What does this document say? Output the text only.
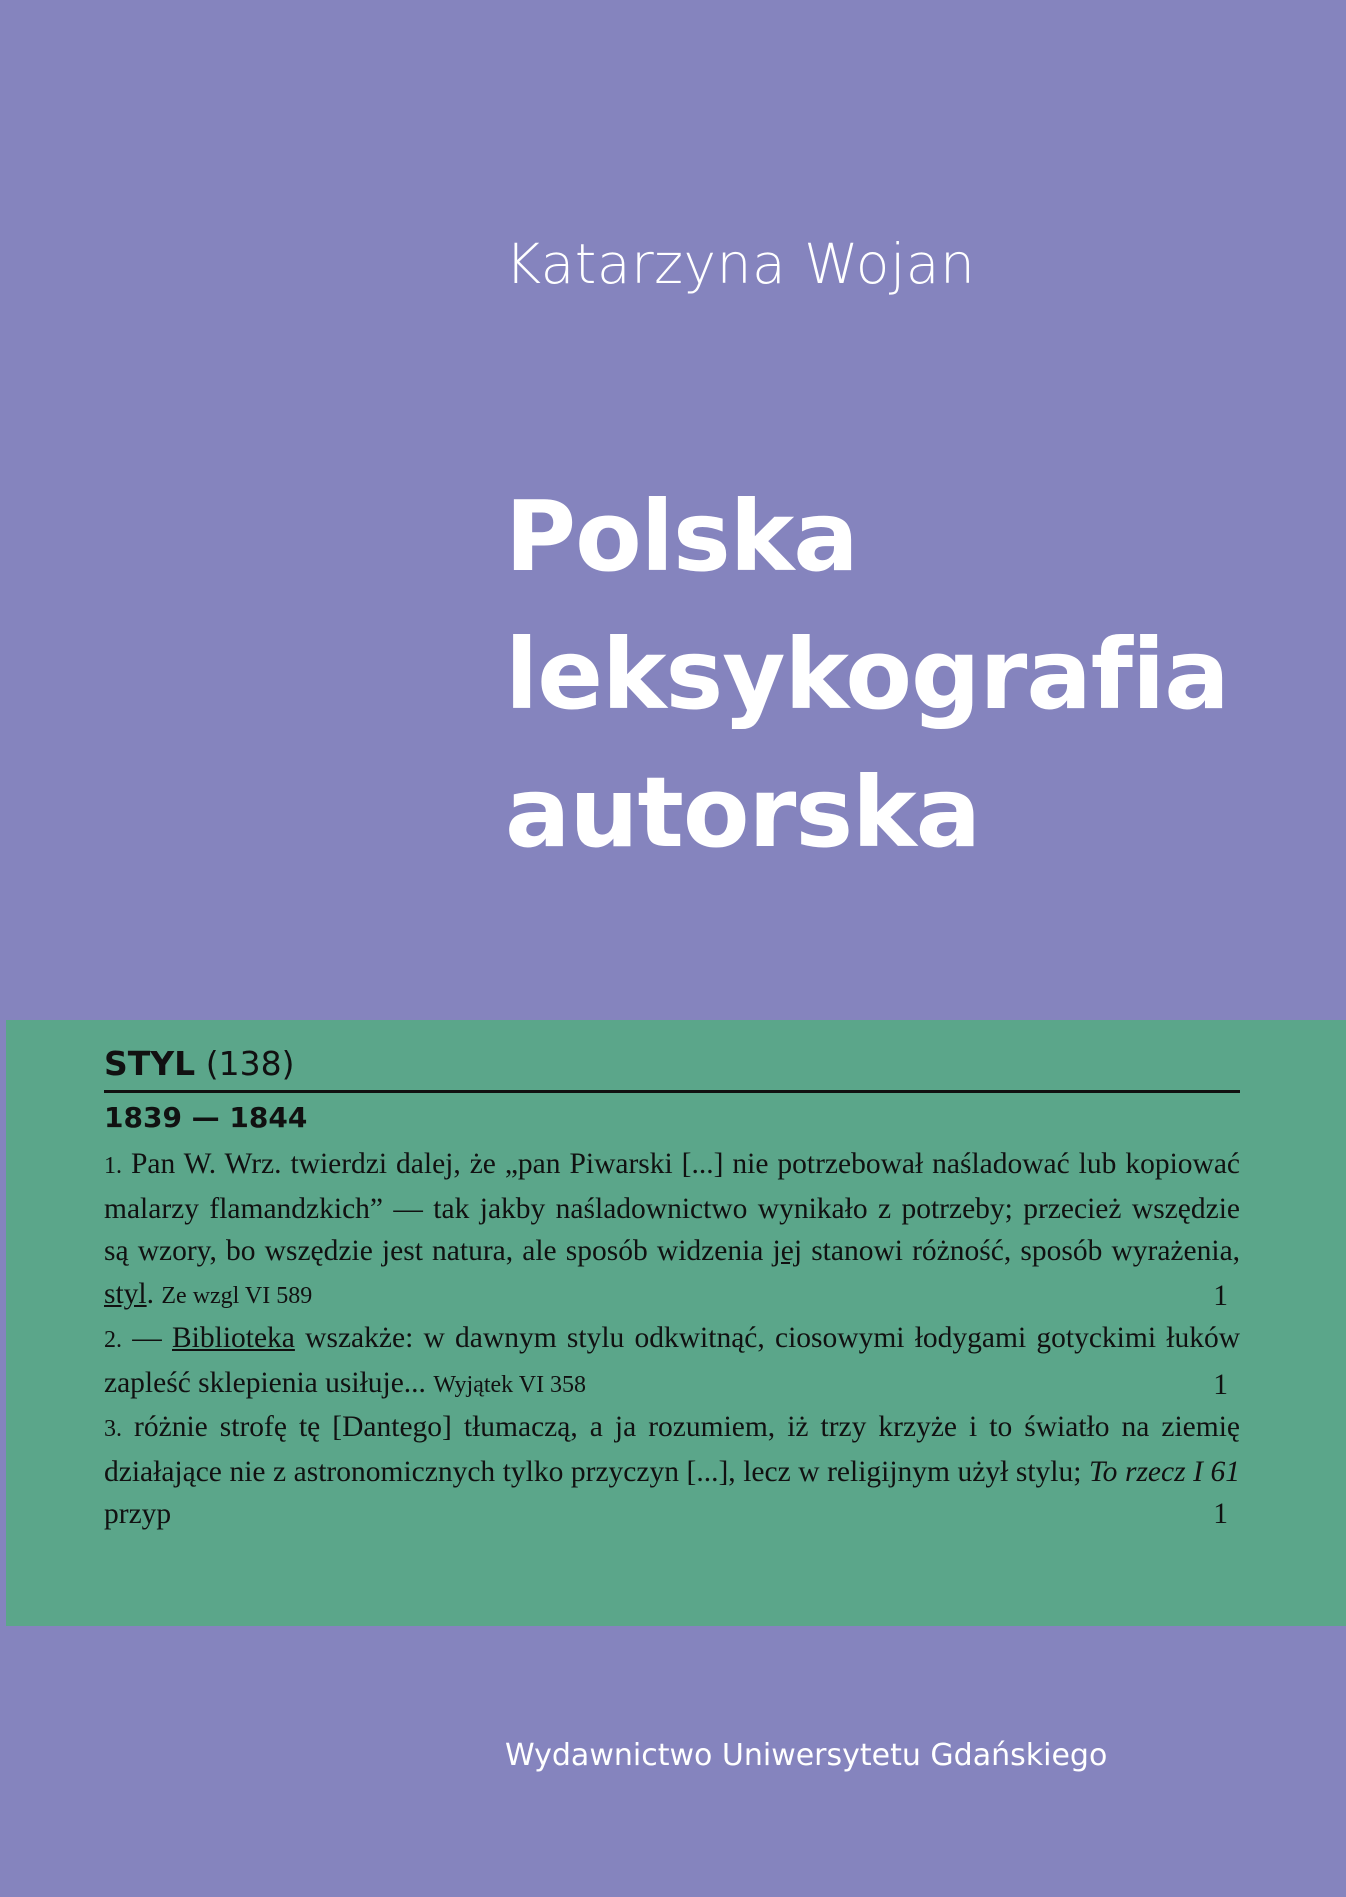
Katarzyna Wojan
Polska
leksykografia
autorska
STYL (138)
1839 — 1844
1. Pan W. Wrz. twierdzi dalej, że „pan Piwarski [...] nie potrzebował naśladować lub kopiować malarzy flamandzkich” — tak jakby naśladownictwo wynikało z potrzeby; przecież wszędzie są wzory, bo wszędzie jest natura, ale sposób widzenia jej stanowi różność, sposób wyrażenia, styl. Ze wzgl VI 589	1
2. — Biblioteka wszakże: w dawnym stylu odkwitnąć, ciosowymi łodygami gotyckimi łuków zapleść sklepienia usiłuje... Wyjątek VI 358	1
3. różnie strofę tę [Dantego] tłumaczą, a ja rozumiem, iż trzy krzyże i to światło na ziemię działające nie z astronomicznych tylko przyczyn [...], lecz w religijnym użył stylu; To rzecz I 61 przyp	1
Wydawnictwo Uniwersytetu Gdańskiego
